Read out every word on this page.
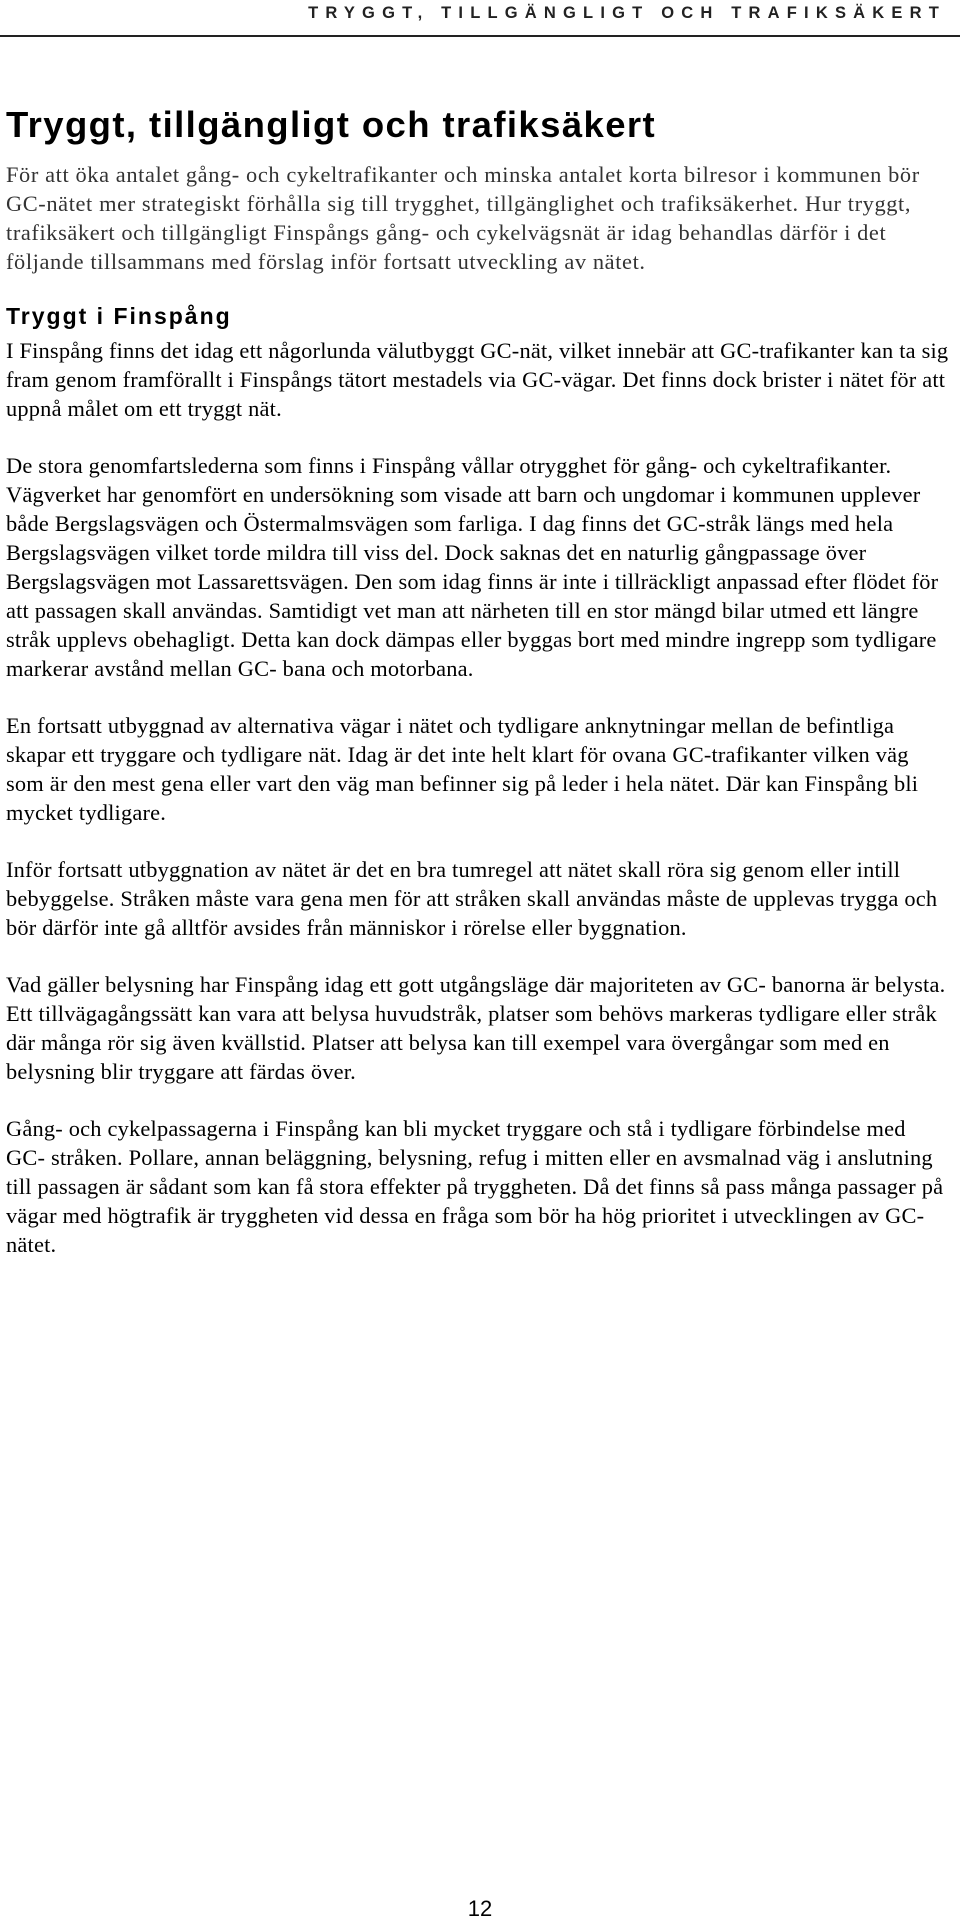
TRYGGT, TILLGÄNGLIGT OCH TRAFIKSÄKERT
Tryggt, tillgängligt och trafiksäkert

För att öka antalet gång- och cykeltrafikanter och minska antalet korta bilresor i kommunen bör GC-nätet mer strategiskt förhålla sig till trygghet, tillgänglighet och trafiksäkerhet. Hur tryggt, trafiksäkert och tillgängligt Finspångs gång- och cykelvägsnät är idag behandlas därför i det följande tillsammans med förslag inför fortsatt utveckling av nätet.

Tryggt i Finspång

I Finspång finns det idag ett någorlunda välutbyggt GC-nät, vilket innebär att GC-trafikanter kan ta sig fram genom framförallt i Finspångs tätort mestadels via GC-vägar. Det finns dock brister i nätet för att uppnå målet om ett tryggt nät.

De stora genomfartslederna som finns i Finspång vållar otrygghet för gång- och cykeltrafikanter. Vägverket har genomfört en undersökning som visade att barn och ungdomar i kommunen upplever både Bergslagsvägen och Östermalmsvägen som farliga. I dag finns det GC-stråk längs med hela Bergslagsvägen vilket torde mildra till viss del. Dock saknas det en naturlig gångpassage över Bergslagsvägen mot Lassarettsvägen. Den som idag finns är inte i tillräckligt anpassad efter flödet för att passagen skall användas. Samtidigt vet man att närheten till en stor mängd bilar utmed ett längre stråk upplevs obehagligt. Detta kan dock dämpas eller byggas bort med mindre ingrepp som tydligare markerar avstånd mellan GC- bana och motorbana.

En fortsatt utbyggnad av alternativa vägar i nätet och tydligare anknytningar mellan de befintliga skapar ett tryggare och tydligare nät. Idag är det inte helt klart för ovana GC-trafikanter vilken väg som är den mest gena eller vart den väg man befinner sig på leder i hela nätet. Där kan Finspång bli mycket tydligare.

Inför fortsatt utbyggnation av nätet är det en bra tumregel att nätet skall röra sig genom eller intill bebyggelse. Stråken måste vara gena men för att stråken skall användas måste de upplevas trygga och bör därför inte gå alltför avsides från människor i rörelse eller byggnation.

Vad gäller belysning har Finspång idag ett gott utgångsläge där majoriteten av GC- banorna är belysta. Ett tillvägagångssätt kan vara att belysa huvudstråk, platser som behövs markeras tydligare eller stråk där många rör sig även kvällstid. Platser att belysa kan till exempel vara övergångar som med en belysning blir tryggare att färdas över.

Gång- och cykelpassagerna i Finspång kan bli mycket tryggare och stå i tydligare förbindelse med GC- stråken. Pollare, annan beläggning, belysning, refug i mitten eller en avsmalnad väg i anslutning till passagen är sådant som kan få stora effekter på tryggheten. Då det finns så pass många passager på vägar med högtrafik är tryggheten vid dessa en fråga som bör ha hög prioritet i utvecklingen av GC-nätet.

12
